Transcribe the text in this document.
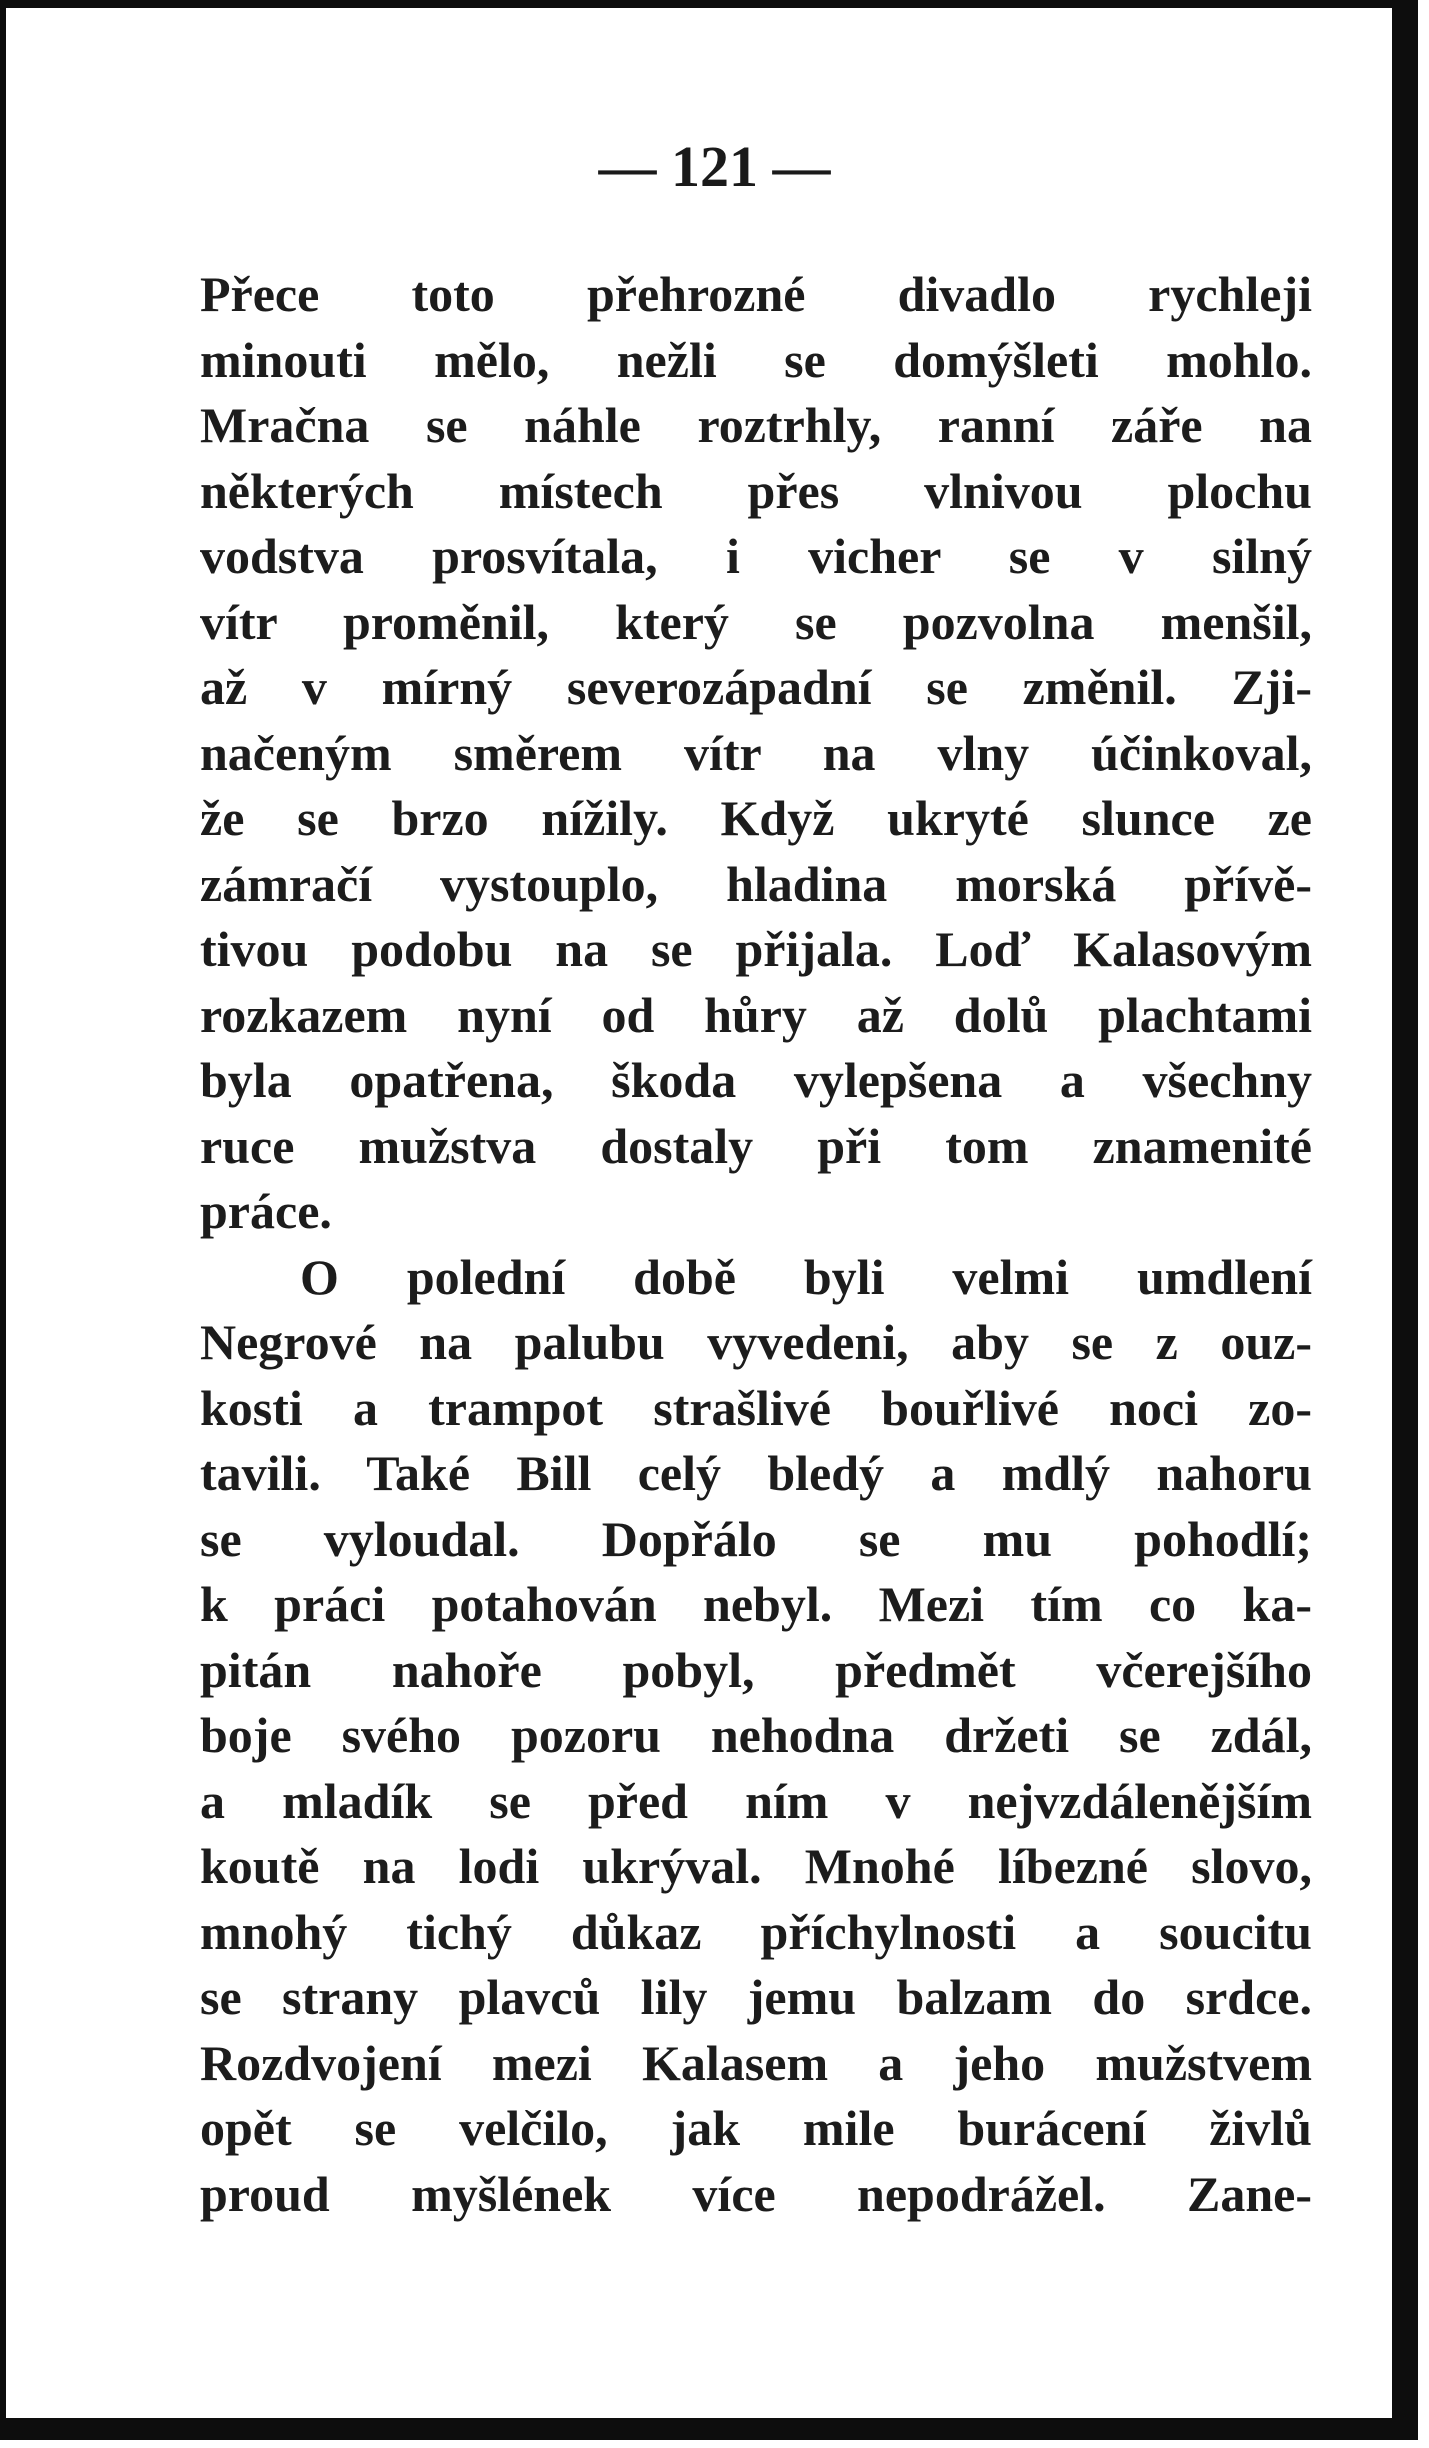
— 121 —
Přece toto přehrozné divadlo rychleji
minouti mělo, nežli se domýšleti mohlo.
Mračna se náhle roztrhly, ranní záře na
některých místech přes vlnivou plochu
vodstva prosvítala, i vicher se v silný
vítr proměnil, který se pozvolna menšil,
až v mírný severozápadní se změnil. Zji-
načeným směrem vítr na vlny účinkoval,
že se brzo nížily. Když ukryté slunce ze
zámračí vystouplo, hladina morská přívě-
tivou podobu na se přijala. Loď Kalasovým
rozkazem nyní od hůry až dolů plachtami
byla opatřena, škoda vylepšena a všechny
ruce mužstva dostaly při tom znamenité
práce.
O polední době byli velmi umdlení
Negrové na palubu vyvedeni, aby se z ouz-
kosti a trampot strašlivé bouřlivé noci zo-
tavili. Také Bill celý bledý a mdlý nahoru
se vyloudal. Dopřálo se mu pohodlí;
k práci potahován nebyl. Mezi tím co ka-
pitán nahoře pobyl, předmět včerejšího
boje svého pozoru nehodna držeti se zdál,
a mladík se před ním v nejvzdálenějším
koutě na lodi ukrýval. Mnohé líbezné slovo,
mnohý tichý důkaz příchylnosti a soucitu
se strany plavců lily jemu balzam do srdce.
Rozdvojení mezi Kalasem a jeho mužstvem
opět se velčilo, jak mile burácení živlů
proud myšlének více nepodrážel. Zane-
